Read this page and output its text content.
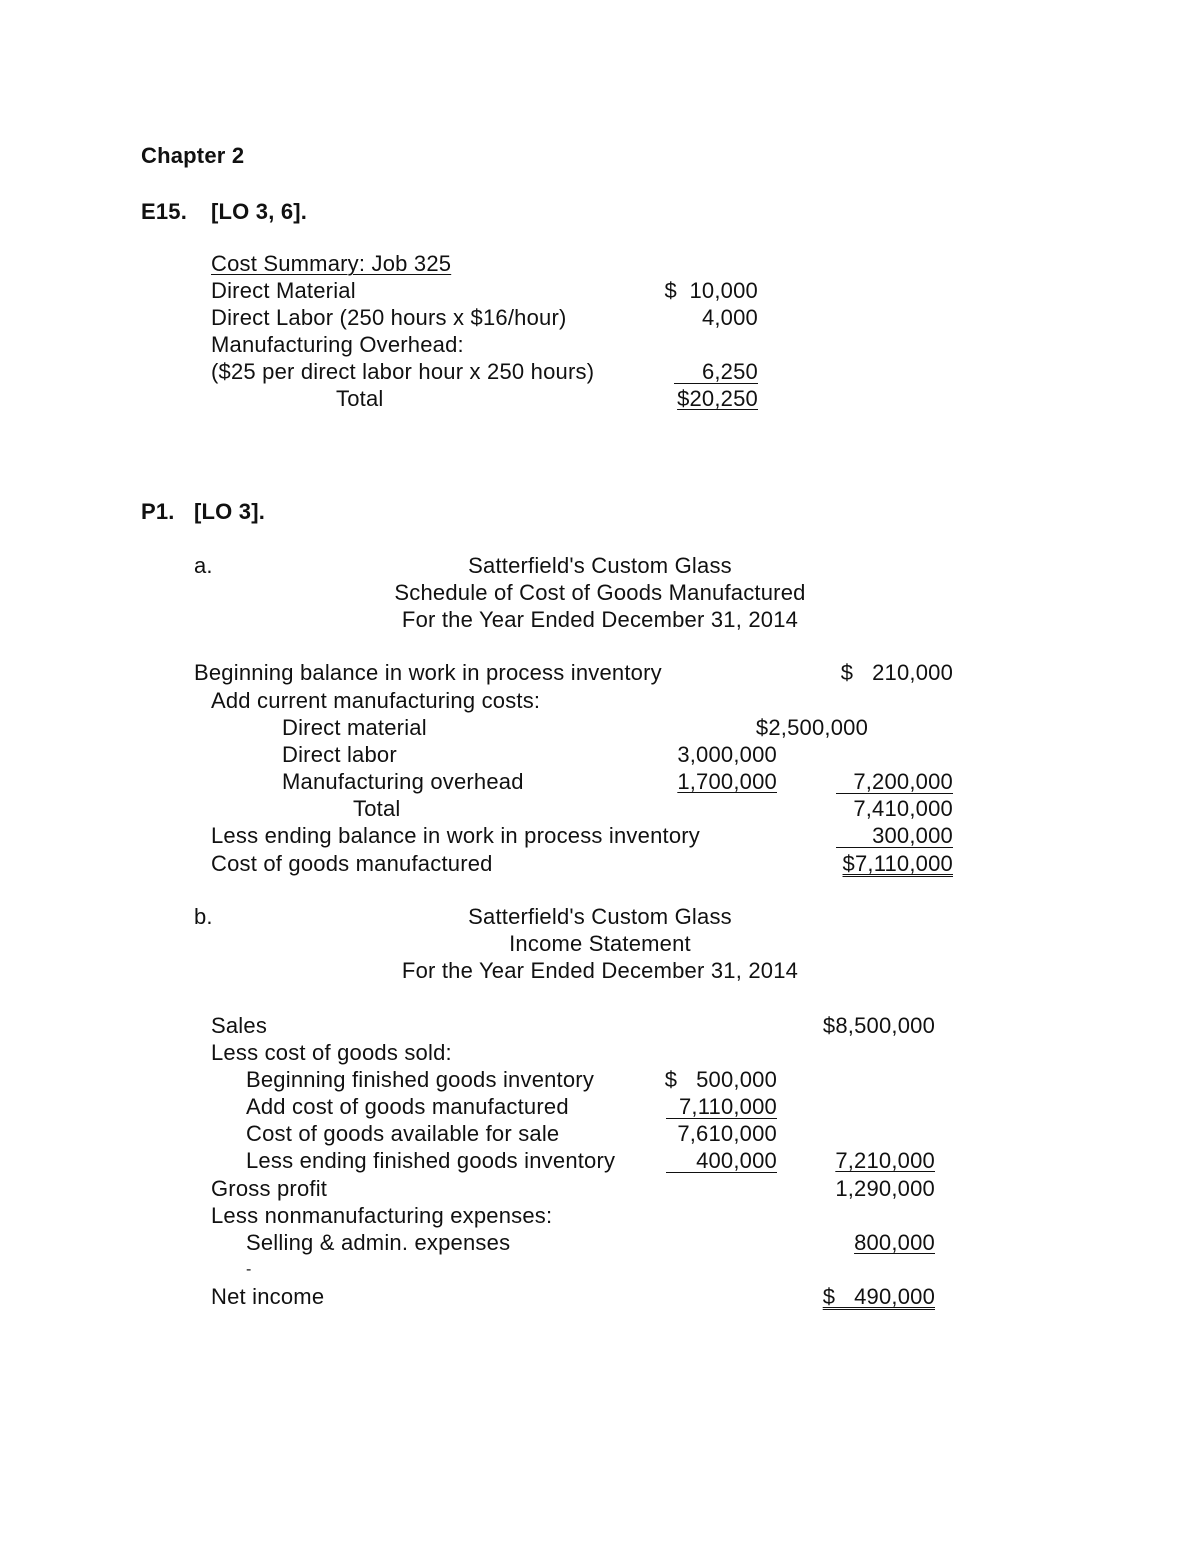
Chapter 2
E15. [LO 3, 6].
Cost Summary: Job 325
Direct Material	$  10,000
Direct Labor (250 hours x $16/hour)	4,000
Manufacturing Overhead:
($25 per direct labor hour x 250 hours)	6,250
Total	$20,250
P1. [LO 3].
a.	Satterfield's Custom Glass
Schedule of Cost of Goods Manufactured
For the Year Ended December 31, 2014
Beginning balance in work in process inventory	$   210,000
Add current manufacturing costs:
Direct material	$2,500,000
Direct labor	3,000,000
Manufacturing overhead	1,700,000	7,200,000
Total	7,410,000
Less ending balance in work in process inventory	300,000
Cost of goods manufactured	$7,110,000
b.	Satterfield's Custom Glass
Income Statement
For the Year Ended December 31, 2014
Sales	$8,500,000
Less cost of goods sold:
Beginning finished goods inventory	$   500,000
Add cost of goods manufactured	7,110,000
Cost of goods available for sale	7,610,000
Less ending finished goods inventory	400,000	7,210,000
Gross profit	1,290,000
Less nonmanufacturing expenses:
Selling & admin. expenses	800,000
-
Net income	$   490,000
